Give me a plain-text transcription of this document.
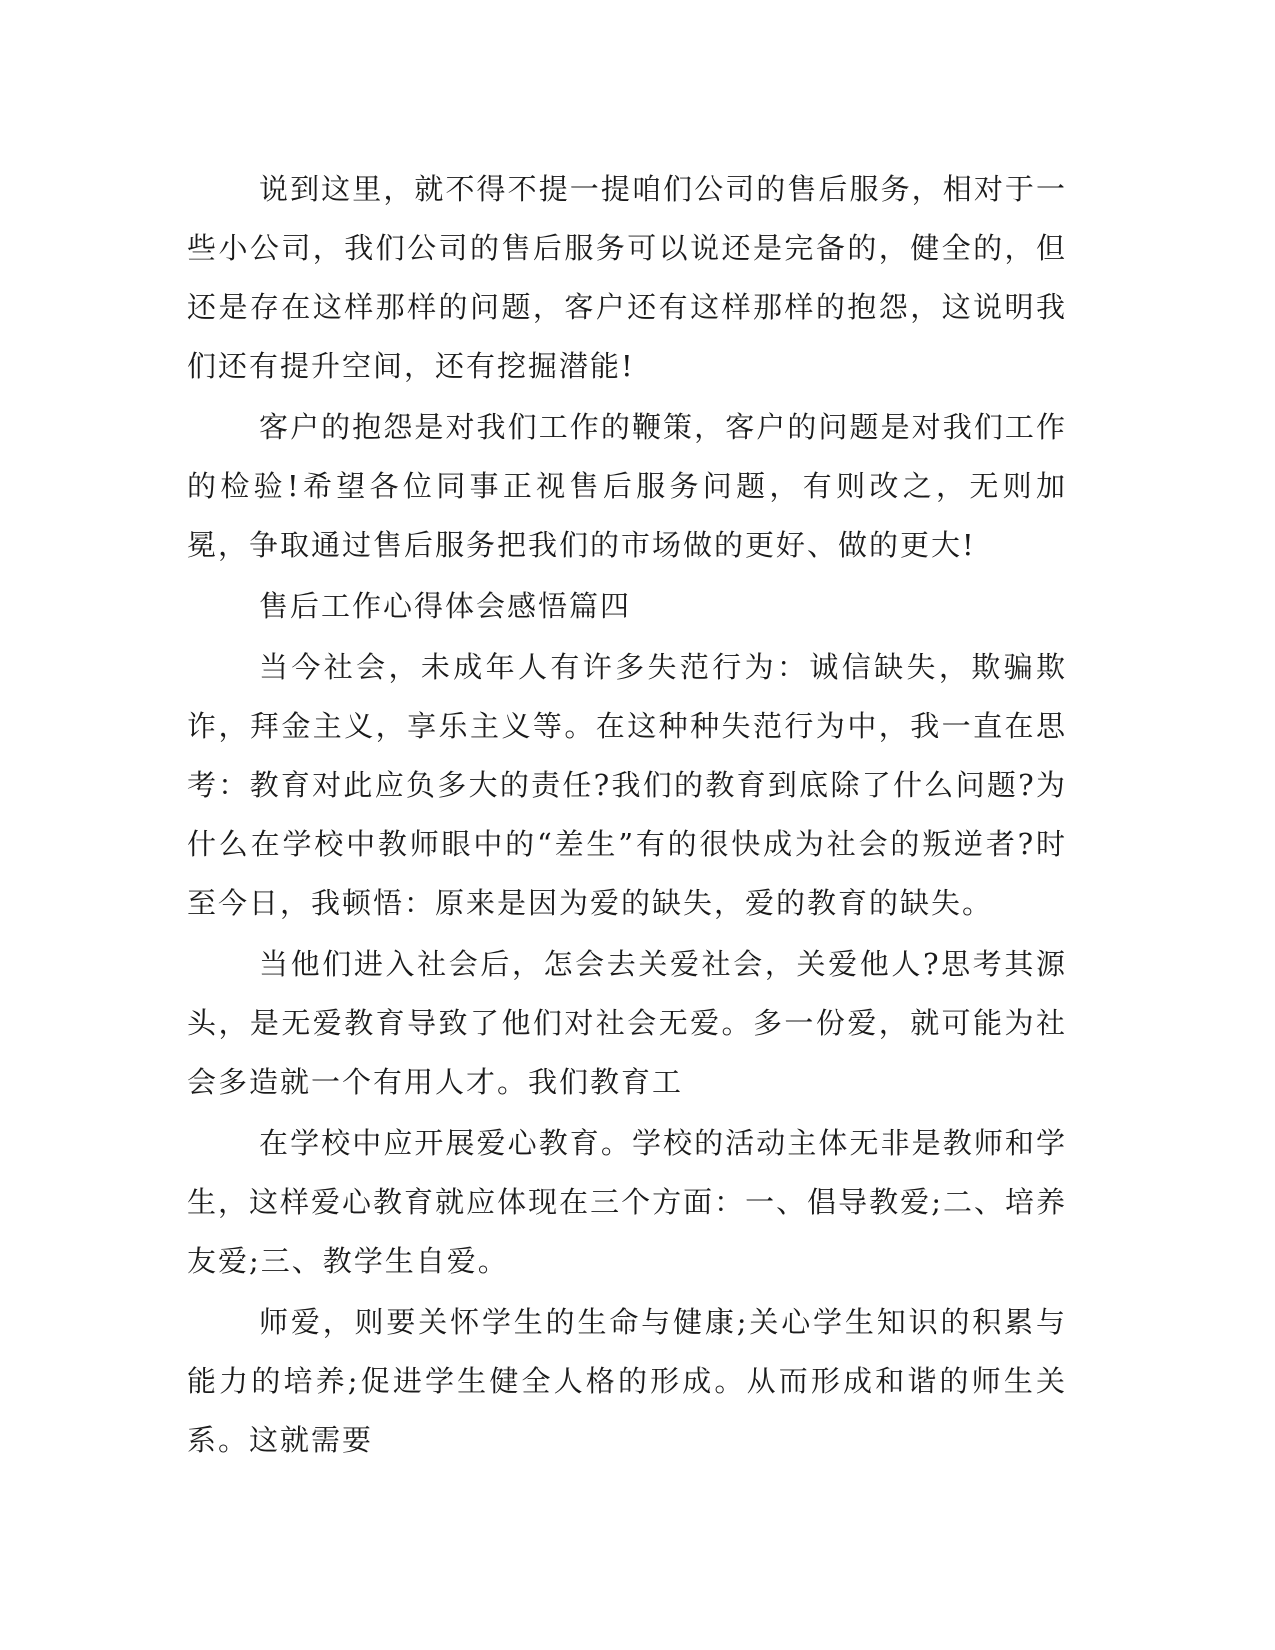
说到这里，就不得不提一提咱们公司的售后服务，相对于一些小公司，我们公司的售后服务可以说还是完备的，健全的，但还是存在这样那样的问题，客户还有这样那样的抱怨，这说明我们还有提升空间，还有挖掘潜能!

客户的抱怨是对我们工作的鞭策，客户的问题是对我们工作的检验!希望各位同事正视售后服务问题，有则改之，无则加冕，争取通过售后服务把我们的市场做的更好、做的更大!

售后工作心得体会感悟篇四

当今社会，未成年人有许多失范行为：诚信缺失，欺骗欺诈，拜金主义，享乐主义等。在这种种失范行为中，我一直在思考：教育对此应负多大的责任?我们的教育到底除了什么问题?为什么在学校中教师眼中的“差生”有的很快成为社会的叛逆者?时至今日，我顿悟：原来是因为爱的缺失，爱的教育的缺失。

当他们进入社会后，怎会去关爱社会，关爱他人?思考其源头，是无爱教育导致了他们对社会无爱。多一份爱，就可能为社会多造就一个有用人才。我们教育工

在学校中应开展爱心教育。学校的活动主体无非是教师和学生，这样爱心教育就应体现在三个方面：一、倡导教爱;二、培养友爱;三、教学生自爱。

师爱，则要关怀学生的生命与健康;关心学生知识的积累与能力的培养;促进学生健全人格的形成。从而形成和谐的师生关系。这就需要
